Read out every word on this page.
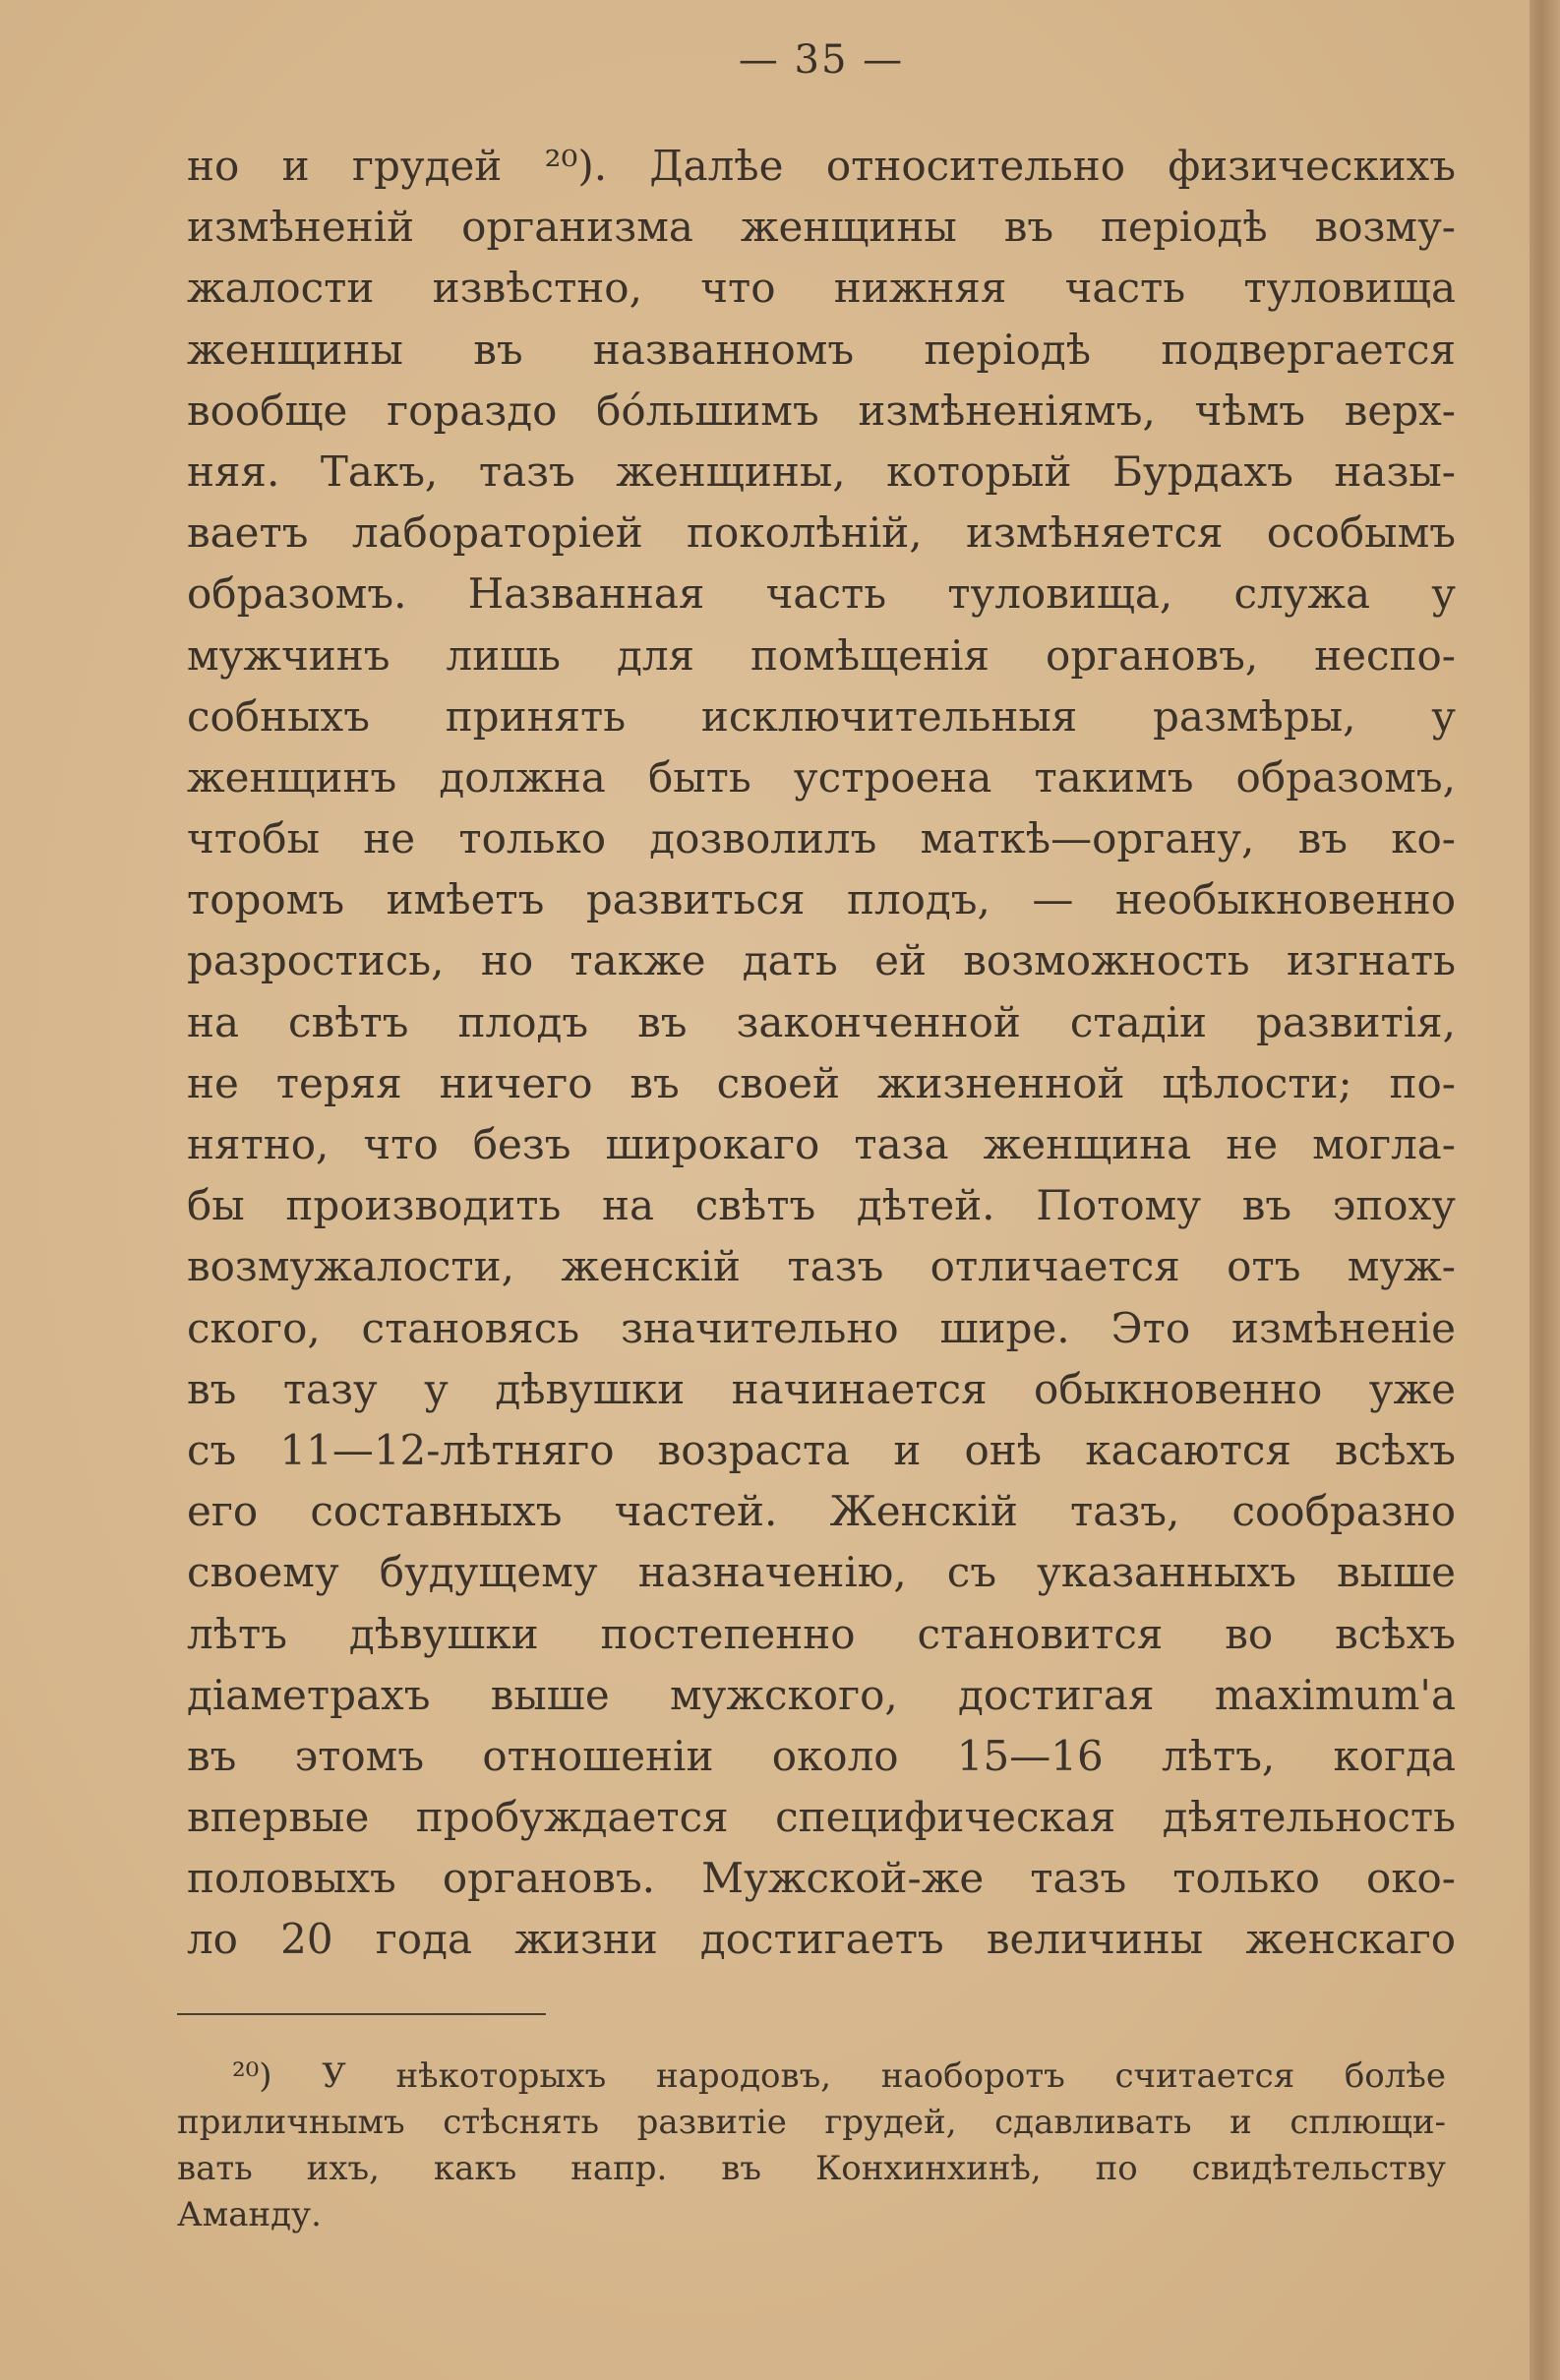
— 35 —
но и грудей ²⁰). Далѣе относительно физическихъ
измѣненій организма женщины въ періодѣ возму-
жалости извѣстно, что нижняя часть туловища
женщины въ названномъ періодѣ подвергается
вообще гораздо бо́льшимъ измѣненіямъ, чѣмъ верх-
няя. Такъ, тазъ женщины, который Бурдахъ назы-
ваетъ лабораторіей поколѣній, измѣняется особымъ
образомъ. Названная часть туловища, служа у
мужчинъ лишь для помѣщенія органовъ, неспо-
собныхъ принять исключительныя размѣры, у
женщинъ должна быть устроена такимъ образомъ,
чтобы не только дозволилъ маткѣ—органу, въ ко-
торомъ имѣетъ развиться плодъ, — необыкновенно
разростись, но также дать ей возможность изгнать
на свѣтъ плодъ въ законченной стадіи развитія,
не теряя ничего въ своей жизненной цѣлости; по-
нятно, что безъ широкаго таза женщина не могла-
бы производить на свѣтъ дѣтей. Потому въ эпоху
возмужалости, женскій тазъ отличается отъ муж-
ского, становясь значительно шире. Это измѣненіе
въ тазу у дѣвушки начинается обыкновенно уже
съ 11—12-лѣтняго возраста и онѣ касаются всѣхъ
его составныхъ частей. Женскій тазъ, сообразно
своему будущему назначенію, съ указанныхъ выше
лѣтъ дѣвушки постепенно становится во всѣхъ
діаметрахъ выше мужского, достигая maximum'а
въ этомъ отношеніи около 15—16 лѣтъ, когда
впервые пробуждается специфическая дѣятельность
половыхъ органовъ. Мужской-же тазъ только око-
ло 20 года жизни достигаетъ величины женскаго
²⁰) У нѣкоторыхъ народовъ, наоборотъ считается болѣе
приличнымъ стѣснять развитіе грудей, сдавливать и сплющи-
вать ихъ, какъ напр. въ Конхинхинѣ, по свидѣтельству
Аманду.
